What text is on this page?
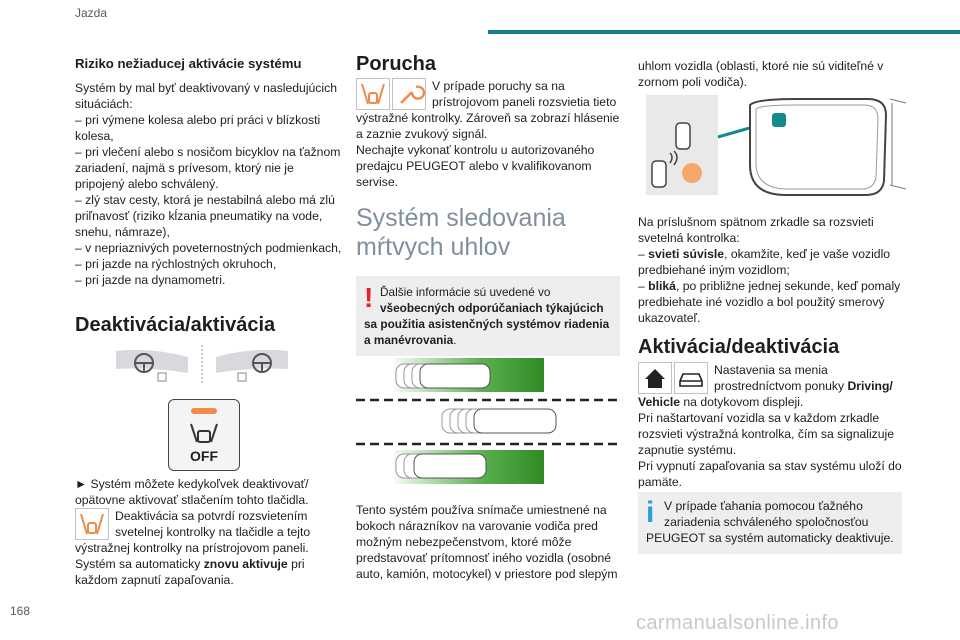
Jazda
Riziko nežiaducej aktivácie systému

Systém by mal byť deaktivovaný v nasledujúcich situáciách:

– pri výmene kolesa alebo pri práci v blízkosti kolesa,

– pri vlečení alebo s nosičom bicyklov na ťažnom zariadení, najmä s prívesom, ktorý nie je pripojený alebo schválený.

– zlý stav cesty, ktorá je nestabilná alebo má zlú priľnavosť (riziko kĺzania pneumatiky na vode, snehu, námraze),

– v nepriaznivých poveternostných podmienkach,

– pri jazde na rýchlostných okruhoch,

– pri jazde na dynamometri.

Deaktivácia/aktivácia
OFF

► Systém môžete kedykoľvek deaktivovať/ opätovne aktivovať stlačením tohto tlačidla.

Deaktivácia sa potvrdí rozsvietením svetelnej kontrolky na tlačidle a tejto výstražnej kontrolky na prístrojovom paneli.

Systém sa automaticky znovu aktivuje pri každom zapnutí zapaľovania.

Porucha

V prípade poruchy sa na prístrojovom paneli rozsvietia tieto výstražné kontrolky. Zároveň sa zobrazí hlásenie a zaznie zvukový signál.

Nechajte vykonať kontrolu u autorizovaného predajcu PEUGEOT alebo v kvalifikovanom servise.

Systém sledovania
mŕtvych uhlov
! Ďalšie informácie sú uvedené vo všeobecných odporúčaniach týkajúcich sa použitia asistenčných systémov riadenia a manévrovania.

Tento systém používa snímače umiestnené na bokoch nárazníkov na varovanie vodiča pred možným nebezpečenstvom, ktoré môže predstavovať prítomnosť iného vozidla (osobné auto, kamión, motocykel) v priestore pod slepým

uhlom vozidla (oblasti, ktoré nie sú viditeľné v zornom poli vodiča).

Na príslušnom spätnom zrkadle sa rozsvieti svetelná kontrolka:

– svieti súvisle, okamžite, keď je vaše vozidlo predbiehané iným vozidlom;

– bliká, po približne jednej sekunde, keď pomaly predbiehate iné vozidlo a bol použitý smerový ukazovateľ.

Aktivácia/deaktivácia

Nastavenia sa menia prostredníctvom ponuky Driving/ Vehicle na dotykovom displeji.

Pri naštartovaní vozidla sa v každom zrkadle rozsvieti výstražná kontrolka, čím sa signalizuje zapnutie systému.

Pri vypnutí zapaľovania sa stav systému uloží do pamäte.

i V prípade ťahania pomocou ťažného zariadenia schváleného spoločnosťou PEUGEOT sa systém automaticky deaktivuje.

168
carmanualsonline.info
